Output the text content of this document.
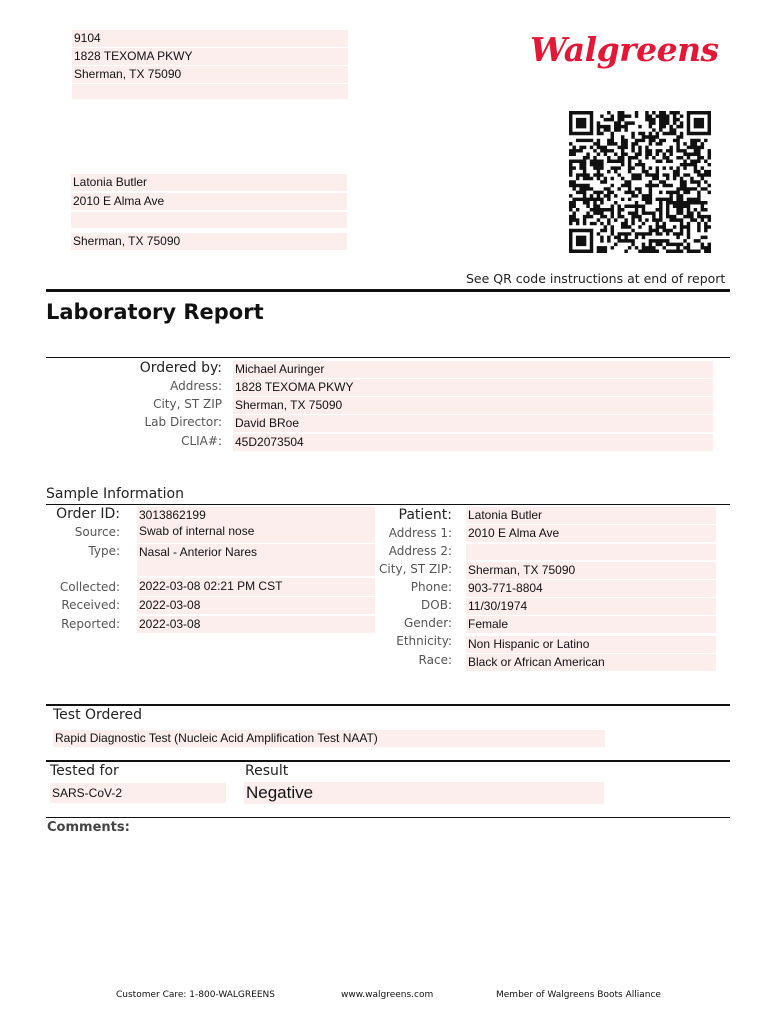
9104
1828 TEXOMA PKWY
Sherman, TX 75090
Walgreens
Latonia Butler
2010 E Alma Ave
Sherman, TX 75090
See QR code instructions at end of report
Laboratory Report
Ordered by: Michael Auringer
Address: 1828 TEXOMA PKWY
City, ST ZIP Sherman, TX 75090
Lab Director: David BRoe
CLIA#: 45D2073504
Sample Information
Order ID: 3013862199
Source: Swab of internal nose
Type: Nasal - Anterior Nares
Collected: 2022-03-08 02:21 PM CST
Received: 2022-03-08
Reported: 2022-03-08
Patient: Latonia Butler
Address 1: 2010 E Alma Ave
Address 2:
City, ST ZIP: Sherman, TX 75090
Phone: 903-771-8804
DOB: 11/30/1974
Gender: Female
Ethnicity: Non Hispanic or Latino
Race: Black or African American
Test Ordered
Rapid Diagnostic Test (Nucleic Acid Amplification Test NAAT)
Tested for	Result
SARS-CoV-2	Negative
Comments:
Customer Care: 1-800-WALGREENS	www.walgreens.com	Member of Walgreens Boots Alliance
